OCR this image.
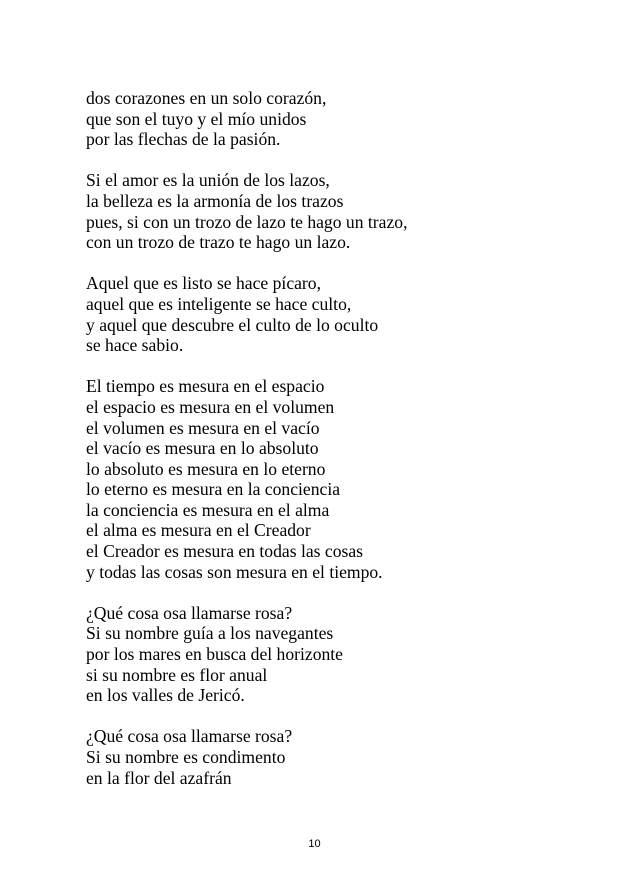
dos corazones en un solo corazón,
que son el tuyo y el mío unidos
por las flechas de la pasión.
Si el amor es la unión de los lazos,
la belleza es la armonía de los trazos
pues, si con un trozo de lazo te hago un trazo,
con un trozo de trazo te hago un lazo.
Aquel que es listo se hace pícaro,
aquel que es inteligente se hace culto,
y aquel que descubre el culto de lo oculto
se hace sabio.
El tiempo es mesura en el espacio
el espacio es mesura en el volumen
el volumen es mesura en el vacío
el vacío es mesura en lo absoluto
lo absoluto es mesura en lo eterno
lo eterno es mesura en la conciencia
la conciencia es mesura en el alma
el alma es mesura en el Creador
el Creador es mesura en todas las cosas
y todas las cosas son mesura en el tiempo.
¿Qué cosa osa llamarse rosa?
Si su nombre guía a los navegantes
por los mares en busca del horizonte
si su nombre es flor anual
en los valles de Jericó.
¿Qué cosa osa llamarse rosa?
Si su nombre es condimento
en la flor del azafrán
10
